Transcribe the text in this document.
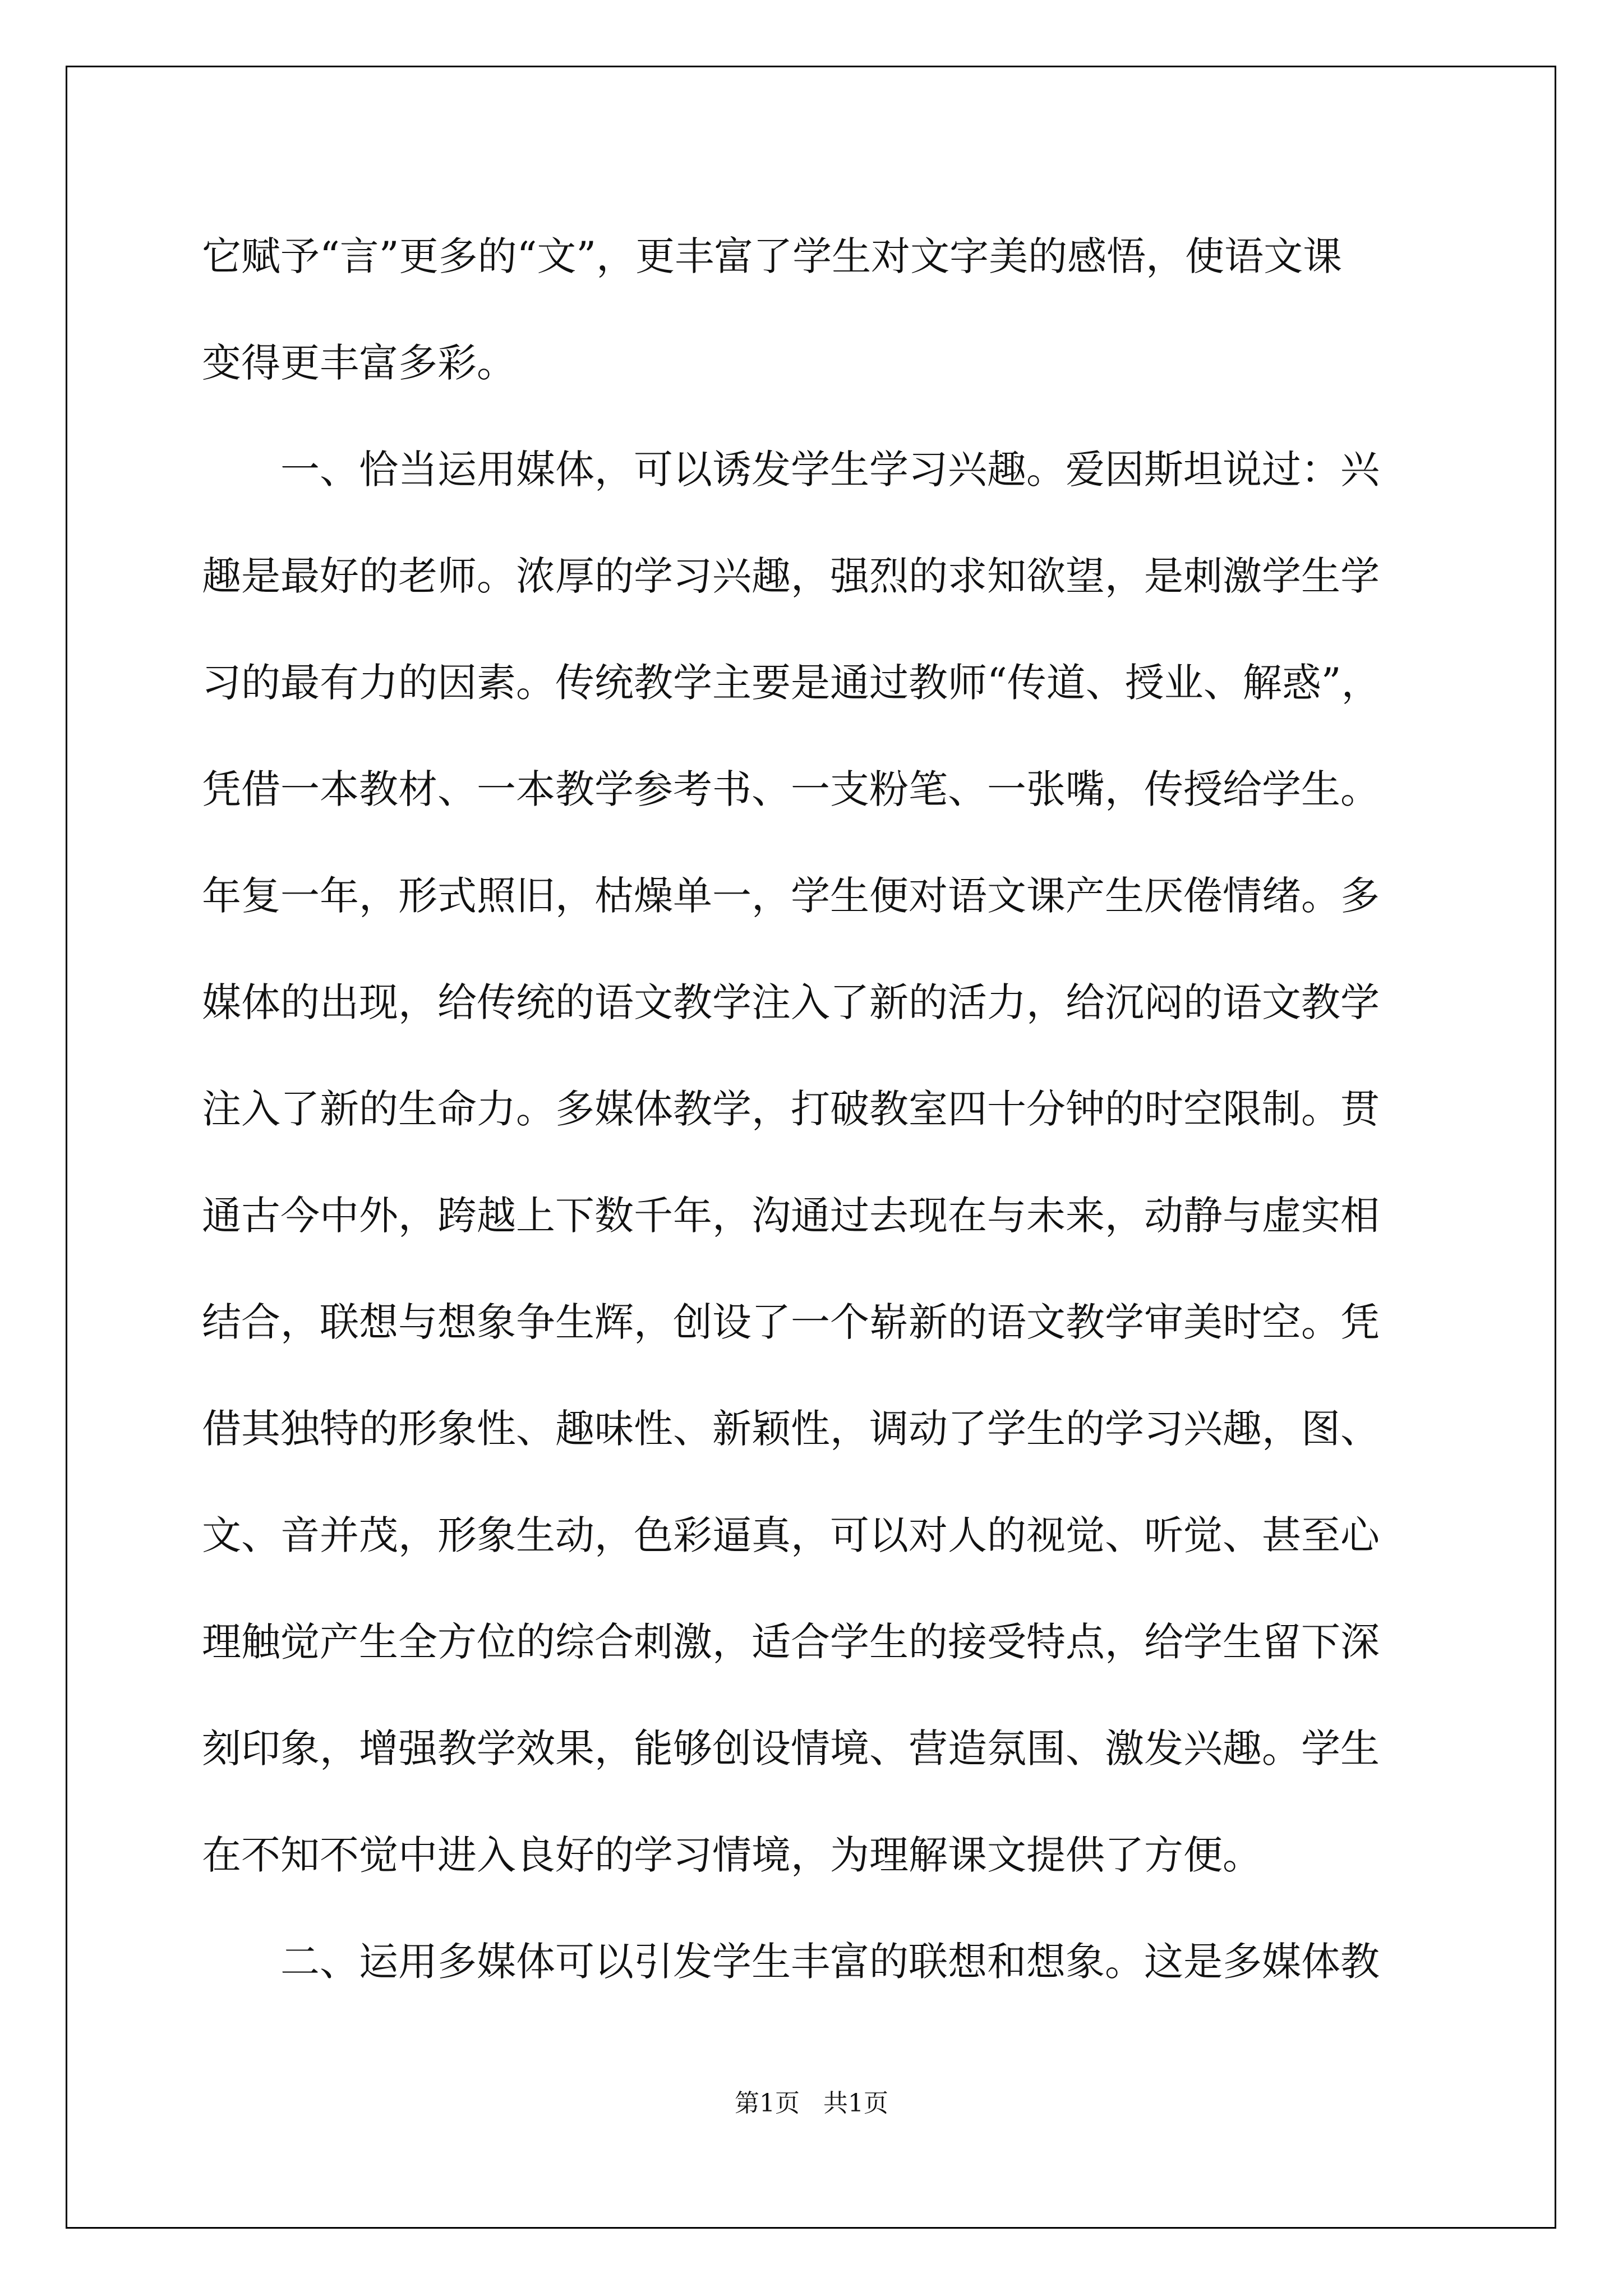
它赋予“言”更多的“文”，更丰富了学生对文字美的感悟，使语文课
变得更丰富多彩。
　　一、恰当运用媒体，可以诱发学生学习兴趣。爱因斯坦说过：兴
趣是最好的老师。浓厚的学习兴趣，强烈的求知欲望，是刺激学生学
习的最有力的因素。传统教学主要是通过教师“传道、授业、解惑”，
凭借一本教材、一本教学参考书、一支粉笔、一张嘴，传授给学生。
年复一年，形式照旧，枯燥单一，学生便对语文课产生厌倦情绪。多
媒体的出现，给传统的语文教学注入了新的活力，给沉闷的语文教学
注入了新的生命力。多媒体教学，打破教室四十分钟的时空限制。贯
通古今中外，跨越上下数千年，沟通过去现在与未来，动静与虚实相
结合，联想与想象争生辉，创设了一个崭新的语文教学审美时空。凭
借其独特的形象性、趣味性、新颖性，调动了学生的学习兴趣，图、
文、音并茂，形象生动，色彩逼真，可以对人的视觉、听觉、甚至心
理触觉产生全方位的综合刺激，适合学生的接受特点，给学生留下深
刻印象，增强教学效果，能够创设情境、营造氛围、激发兴趣。学生
在不知不觉中进入良好的学习情境，为理解课文提供了方便。
　　二、运用多媒体可以引发学生丰富的联想和想象。这是多媒体教
第1页 共1页
